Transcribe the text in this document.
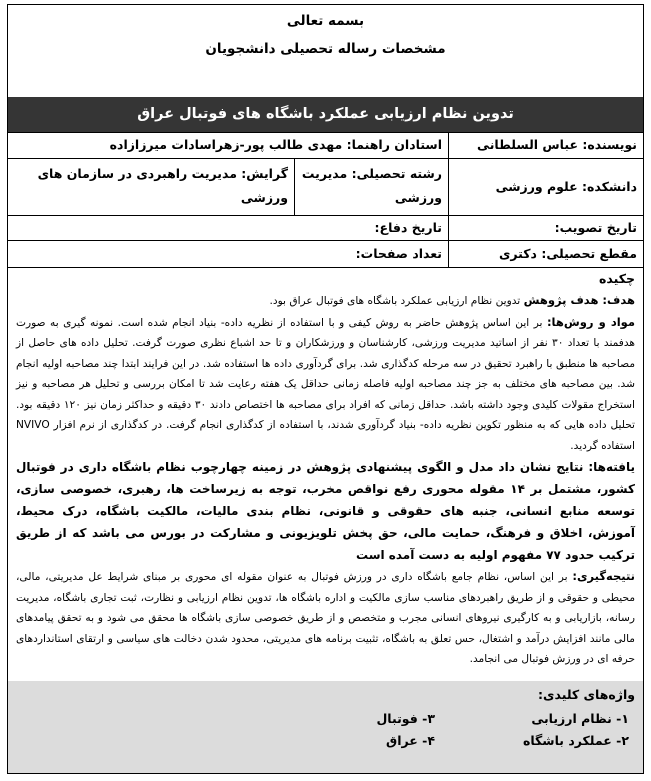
بسمه تعالی
مشخصات رساله تحصیلی دانشجویان
تدوین نظام ارزیابی عملکرد باشگاه های فوتبال عراق
نویسنده: عباس السلطانی
استادان راهنما: مهدی طالب پور-زهراسادات میرزازاده
دانشکده: علوم ورزشی
رشته تحصیلی: مدیریت ورزشی
گرایش: مدیریت راهبردی در سازمان های ورزشی
تاریخ تصویب:
تاریخ دفاع:
مقطع تحصیلی: دکتری
تعداد صفحات:
چکیده

هدف: هدف پژوهش تدوین نظام ارزیابی عملکرد باشگاه های فوتبال عراق بود.

مواد و روش‌ها: بر این اساس پژوهش حاضر به روش کیفی و با استفاده از نظریه داده- بنیاد انجام شده است. نمونه گیری به صورت هدفمند با تعداد ۳۰ نفر از اساتید مدیریت ورزشی، کارشناسان و ورزشکاران و تا حد اشباع نظری صورت گرفت. تحلیل داده های حاصل از مصاحبه ها منطبق با راهبرد تحقیق در سه مرحله کدگذاری شد. برای گردآوری داده ها استفاده شد. در این فرایند ابتدا چند مصاحبه اولیه انجام شد. بین مصاحبه های مختلف به جز چند مصاحبه اولیه فاصله زمانی حداقل یک هفته رعایت شد تا امکان بررسی و تحلیل هر مصاحبه و نیز استخراج مقولات کلیدی وجود داشته باشد. حداقل زمانی که افراد برای مصاحبه ها اختصاص دادند ۳۰ دقیقه و حداکثر زمان نیز ۱۲۰ دقیقه بود. تحلیل داده هایی که به منظور تکوین نظریه داده- بنیاد گردآوری شدند، با استفاده از کدگذاری انجام گرفت. در کدگذاری از نرم افزار NVIVO استفاده گردید.

یافته‌ها: نتایج نشان داد مدل و الگوی پیشنهادی پژوهش در زمینه چهارچوب نظام باشگاه داری در فوتبال کشور، مشتمل بر ۱۴ مقوله محوری رفع نواقص مخرب، توجه به زیرساخت ها، رهبری، خصوصی سازی، توسعه منابع انسانی، جنبه های حقوقی و قانونی، نظام بندی مالیات، مالکیت باشگاه، درک محیط، آموزش، اخلاق و فرهنگ، حمایت مالی، حق پخش تلویزیونی و مشارکت در بورس می باشد که از طریق ترکیب حدود ۷۷ مفهوم اولیه به دست آمده است

نتیجه‌گیری: بر این اساس، نظام جامع باشگاه داری در ورزش فوتبال به عنوان مقوله ای محوری بر مبنای شرایط عل مدیریتی، مالی، محیطی و حقوقی و از طریق راهبردهای مناسب سازی مالکیت و اداره باشگاه ها، تدوین نظام ارزیابی و نظارت، ثبت تجاری باشگاه، مدیریت رسانه، بازاریابی و به کارگیری نیروهای انسانی مجرب و متخصص و از طریق خصوصی سازی باشگاه ها محقق می شود و به تحقق پیامدهای مالی مانند افزایش درآمد و اشتغال، حس تعلق به باشگاه، تثبیت برنامه های مدیریتی، محدود شدن دخالت های سیاسی و ارتقای استانداردهای حرفه ای در ورزش فوتبال می انجامد.

واژه‌های کلیدی:
۱- نظام ارزیابی
۲- عملکرد باشگاه
۳- فوتبال
۴- عراق
